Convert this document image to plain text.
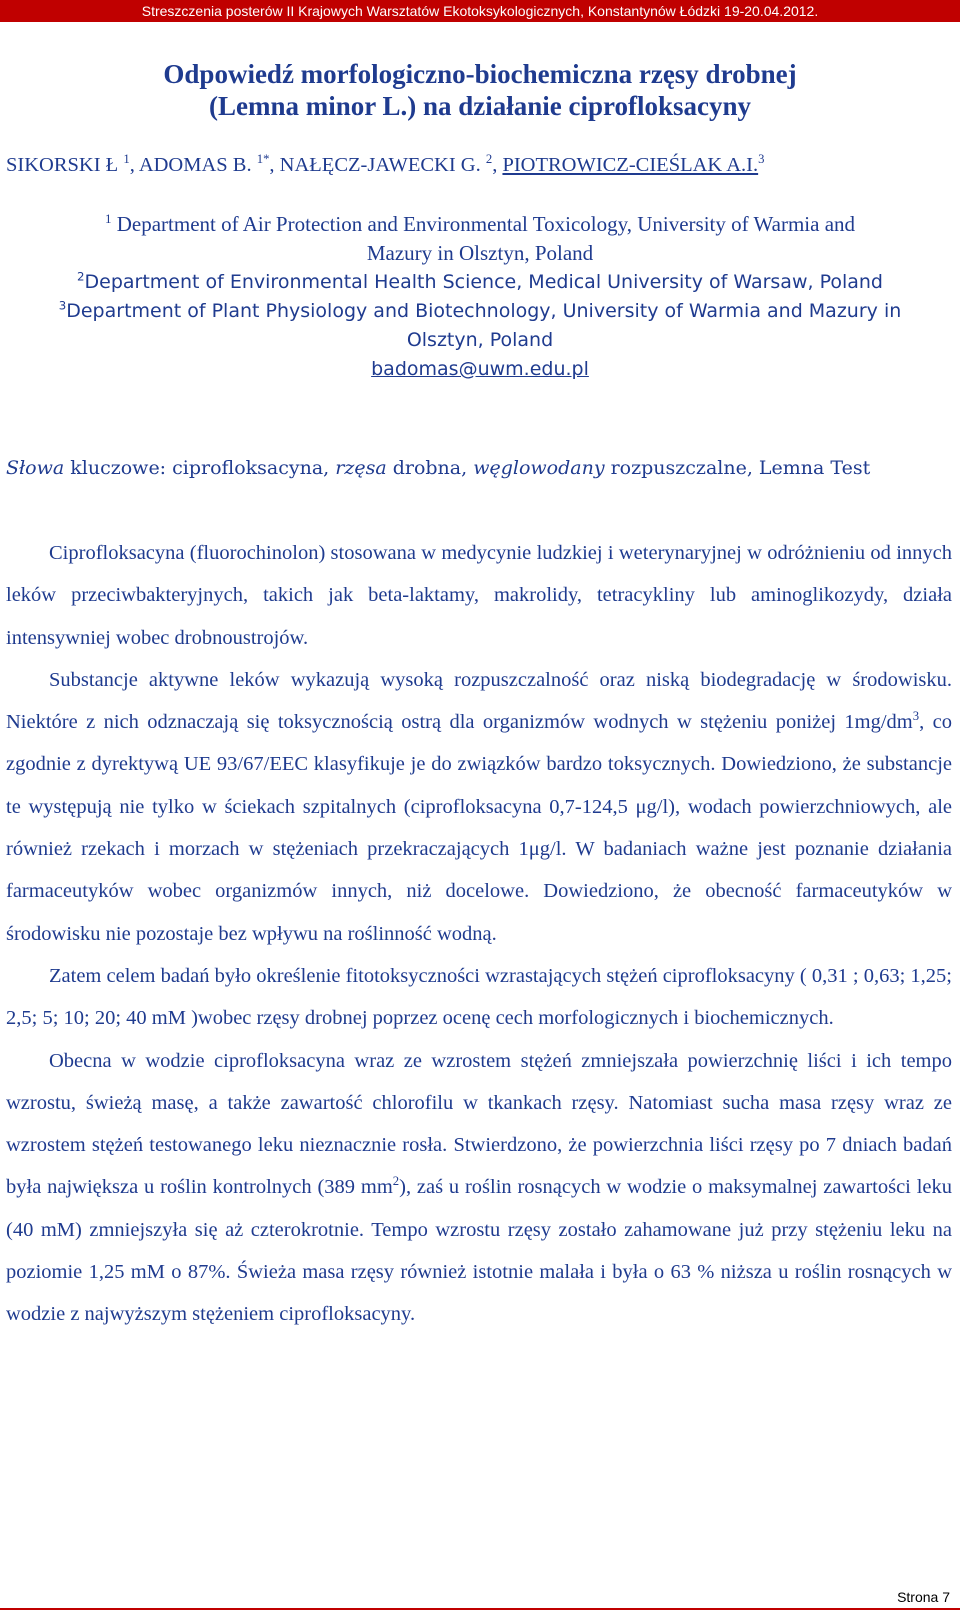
Streszczenia posterów II Krajowych Warsztatów Ekotoksykologicznych, Konstantynów Łódzki 19-20.04.2012.
Odpowiedź morfologiczno-biochemiczna rzęsy drobnej
(Lemna minor L.) na działanie ciprofloksacyny
SIKORSKI Ł $^1$, ADOMAS B. $^{1*}$, NAŁĘCZ-JAWECKI G. $^2$, PIOTROWICZ-CIEŚLAK A.I.$^3$
$^1$ Department of Air Protection and Environmental Toxicology, University of Warmia and
Mazury in Olsztyn, Poland
$^2$Department of Environmental Health Science, Medical University of Warsaw, Poland
$^3$Department of Plant Physiology and Biotechnology, University of Warmia and Mazury in
Olsztyn, Poland
badomas@uwm.edu.pl
Słowa kluczowe: ciprofloksacyna, rzęsa drobna, węglowodany rozpuszczalne, Lemna Test

Ciprofloksacyna (fluorochinolon) stosowana w medycynie ludzkiej i weterynaryjnej w odróżnieniu od innych leków przeciwbakteryjnych, takich jak beta-laktamy, makrolidy, tetracykliny lub aminoglikozydy, działa intensywniej wobec drobnoustrojów.

Substancje aktywne leków wykazują wysoką rozpuszczalność oraz niską biodegradację w środowisku. Niektóre z nich odznaczają się toksycznością ostrą dla organizmów wodnych w stężeniu poniżej $1mg/dm^3$, co zgodnie z dyrektywą UE 93/67/EEC klasyfikuje je do związków bardzo toksycznych. Dowiedziono, że substancje te występują nie tylko w ściekach szpitalnych (ciprofloksacyna 0,7-124,5 μg/l), wodach powierzchniowych, ale również rzekach i morzach w stężeniach przekraczających 1μg/l. W badaniach ważne jest poznanie działania farmaceutyków wobec organizmów innych, niż docelowe. Dowiedziono, że obecność farmaceutyków w środowisku nie pozostaje bez wpływu na roślinność wodną.

Zatem celem badań było określenie fitotoksyczności wzrastających stężeń ciprofloksacyny ( 0,31 ; 0,63; 1,25; 2,5; 5; 10; 20; 40 mM )wobec rzęsy drobnej poprzez ocenę cech morfologicznych i biochemicznych.

Obecna w wodzie ciprofloksacyna wraz ze wzrostem stężeń zmniejszała powierzchnię liści i ich tempo wzrostu, świeżą masę, a także zawartość chlorofilu w tkankach rzęsy. Natomiast sucha masa rzęsy wraz ze wzrostem stężeń testowanego leku nieznacznie rosła. Stwierdzono, że powierzchnia liści rzęsy po 7 dniach badań była największa u roślin kontrolnych (389 $mm^2$), zaś u roślin rosnących w wodzie o maksymalnej zawartości leku (40 mM) zmniejszyła się aż czterokrotnie. Tempo wzrostu rzęsy zostało zahamowane już przy stężeniu leku na poziomie 1,25 mM o 87%. Świeża masa rzęsy również istotnie malała i była o 63 % niższa u roślin rosnących w wodzie z najwyższym stężeniem ciprofloksacyny.

Strona 7
